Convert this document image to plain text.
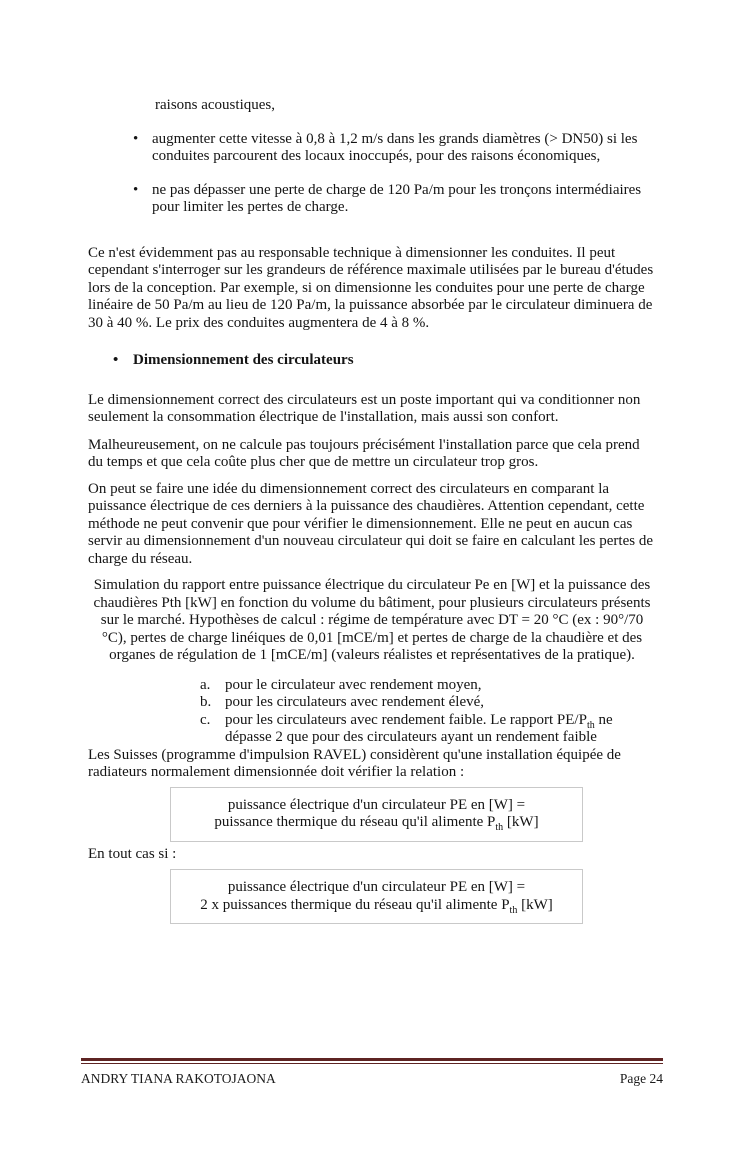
raisons acoustiques,
• augmenter cette vitesse à 0,8 à 1,2 m/s dans les grands diamètres (> DN50) si les conduites parcourent des locaux inoccupés, pour des raisons économiques,
• ne pas dépasser une perte de charge de 120 Pa/m pour les tronçons intermédiaires pour limiter les pertes de charge.
Ce n'est évidemment pas au responsable technique à dimensionner les conduites. Il peut cependant s'interroger sur les grandeurs de référence maximale utilisées par le bureau d'études lors de la conception. Par exemple, si on dimensionne les conduites pour une perte de charge linéaire de 50 Pa/m au lieu de 120 Pa/m, la puissance absorbée par le circulateur diminuera de 30 à 40 %. Le prix des conduites augmentera de 4 à 8 %.
• Dimensionnement des circulateurs
Le dimensionnement correct des circulateurs est un poste important qui va conditionner non seulement la consommation électrique de l'installation, mais aussi son confort.
Malheureusement, on ne calcule pas toujours précisément l'installation parce que cela prend du temps et que cela coûte plus cher que de mettre un circulateur trop gros.
On peut se faire une idée du dimensionnement correct des circulateurs en comparant la puissance électrique de ces derniers à la puissance des chaudières. Attention cependant, cette méthode ne peut convenir que pour vérifier le dimensionnement. Elle ne peut en aucun cas servir au dimensionnement d'un nouveau circulateur qui doit se faire en calculant les pertes de charge du réseau.
Simulation du rapport entre puissance électrique du circulateur Pe en [W] et la puissance des chaudières Pth [kW] en fonction du volume du bâtiment, pour plusieurs circulateurs présents sur le marché. Hypothèses de calcul : régime de température avec DT = 20 °C (ex : 90°/70 °C), pertes de charge linéiques de 0,01 [mCE/m] et pertes de charge de la chaudière et des organes de régulation de 1 [mCE/m] (valeurs réalistes et représentatives de la pratique).
a. pour le circulateur avec rendement moyen,
b. pour les circulateurs avec rendement élevé,
c. pour les circulateurs avec rendement faible. Le rapport $PE/P_{th}$ ne dépasse 2 que pour des circulateurs ayant un rendement faible
Les Suisses (programme d'impulsion RAVEL) considèrent qu'une installation équipée de radiateurs normalement dimensionnée doit vérifier la relation :
puissance électrique d'un circulateur PE en [W] =
puissance thermique du réseau qu'il alimente $P_{th}$ [kW]
En tout cas si :
puissance électrique d'un circulateur PE en [W] =
2 x puissances thermique du réseau qu'il alimente $P_{th}$ [kW]
ANDRY TIANA RAKOTOJAONA	Page 24
